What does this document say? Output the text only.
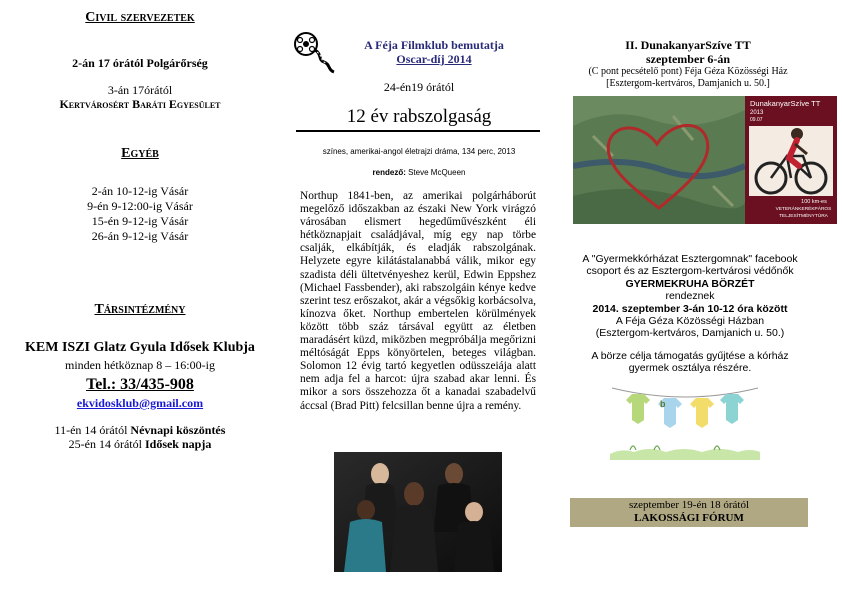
Civil szervezetek
2-án 17 órától Polgárőrség
3-án 17órától
Kertvárosért Baráti Egyesület
Egyéb
2-án 10-12-ig Vásár
9-én 9-12:00-ig Vásár
15-én 9-12-ig Vásár
26-án 9-12-ig Vásár
Társintézmény
KEM ISZI Glatz Gyula Idősek Klubja
minden hétköznap 8 – 16:00-ig
Tel.: 33/435-908
ekvidosklub@gmail.com
11-én 14 órától Névnapi köszöntés
25-én 14 órától Idősek napja
A Féja Filmklub bemutatja
Oscar-díj 2014
24-én19 órától
12 év rabszolgaság
színes, amerikai-angol életrajzi dráma, 134 perc, 2013
rendező: Steve McQueen
Northup 1841-ben, az amerikai polgárháborút megelőző időszakban az északi New York virágzó városában elismert hegedűművészként éli hétköznapjait családjával, míg egy nap törbe csalják, elkábítják, és eladják rabszolgának. Helyzete egyre kilátástalanabbá válik, mikor egy szadista déli ültetvényeshez kerül, Edwin Eppshez (Michael Fassbender), aki rabszolgáin kénye kedve szerint tesz erőszakot, akár a végsőkig korbácsolva, kínozva őket. Northup embertelen körülmények között több száz társával együtt az életben maradásért küzd, miközben megpróbálja megőrizni méltóságát Epps könyörtelen, beteges világban. Solomon 12 évig tartó kegyetlen odüsszeiája alatt nem adja fel a harcot: újra szabad akar lenni. És mikor a sors összehozza őt a kanadai szabadelvű áccsal (Brad Pitt) felcsillan benne újra a remény.
II. DunakanyarSzíve TT
szeptember 6-án
(C pont pecsételő pont) Féja Géza Közösségi Ház
[Esztergom-kertváros, Damjanich u. 50.]
DunakanyarSzíve TT
2013
09.07
100 km-es
VETERÁNKERÉKPÁROS
TELJESÍTMÉNYTÚRA
A "Gyermekkórházat Esztergomnak" facebook
csoport és az Esztergom-kertvárosi védőnők
GYERMEKRUHA BÖRZÉT
rendeznek
2014. szeptember 3-án 10-12 óra között
A Féja Géza Közösségi Házban
(Esztergom-kertváros, Damjanich u. 50.)
A börze célja támogatás gyűjtése a kórház
gyermek osztálya részére.
b
szeptember 19-én 18 órától
LAKOSSÁGI FÓRUM
